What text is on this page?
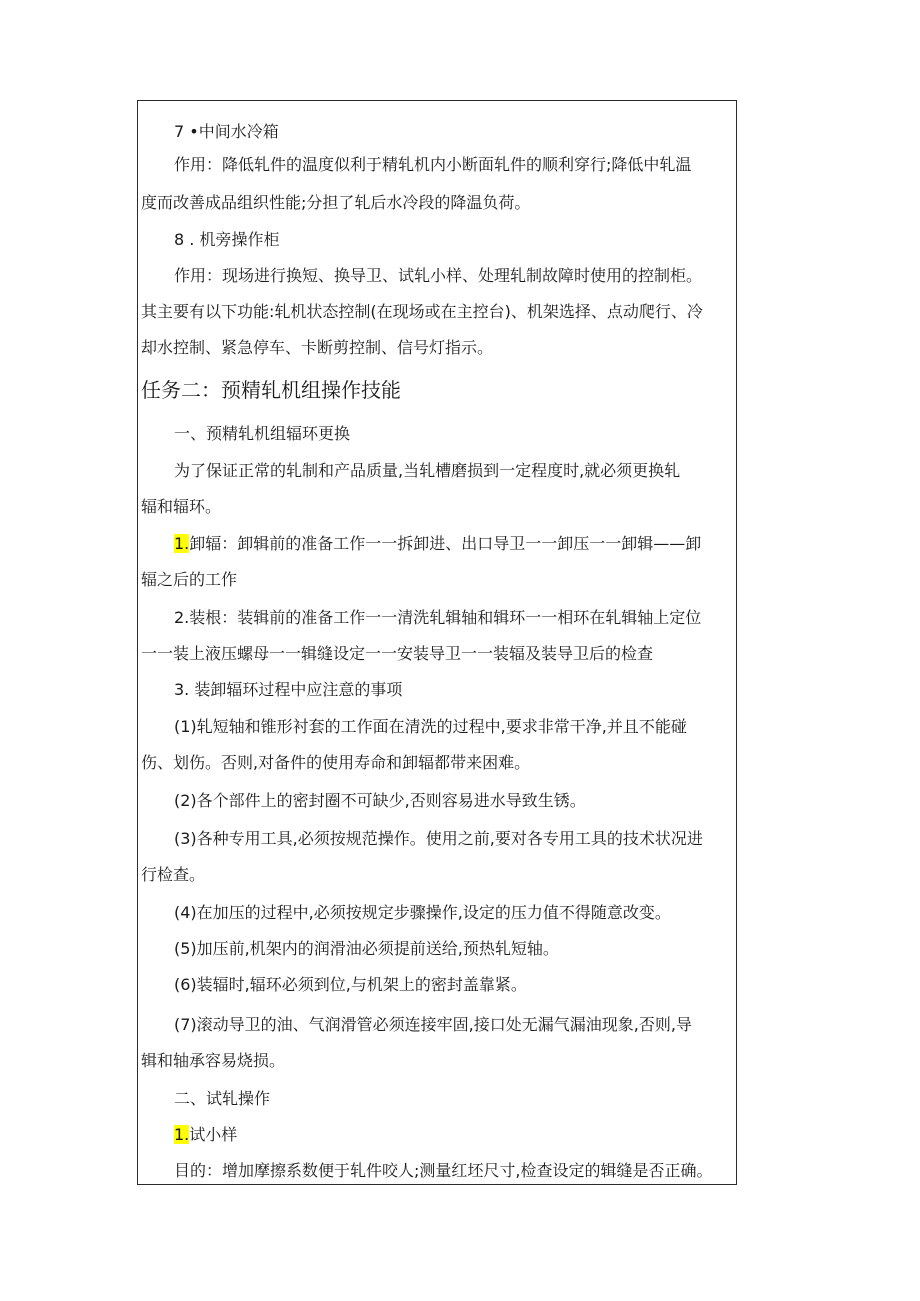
7 •中间水冷箱
作用：降低轧件的温度似利于精轧机内小断面轧件的顺利穿行;降低中轧温
度而改善成品组织性能;分担了轧后水冷段的降温负荷。
8 . 机旁操作柜
作用：现场进行换短、换导卫、试轧小样、处理轧制故障时使用的控制柜。
其主要有以下功能:轧机状态控制(在现场或在主控台)、机架选择、点动爬行、冷
却水控制、紧急停车、卡断剪控制、信号灯指示。
任务二：预精轧机组操作技能
一、预精轧机组辐环更换
为了保证正常的轧制和产品质量,当轧槽磨损到一定程度时,就必须更换轧
辐和辐环。
1.卸辐：卸辑前的准备工作一一拆卸进、出口导卫一一卸压一一卸辑——卸
辐之后的工作
2.装根：装辑前的准备工作一一清洗轧辑轴和辑环一一相环在轧辑轴上定位
一一装上液压螺母一一辑缝设定一一安装导卫一一装辐及装导卫后的检查
3. 装卸辐环过程中应注意的事项
(1)轧短轴和锥形衬套的工作面在清洗的过程中,要求非常干净,并且不能碰
伤、划伤。否则,对备件的使用寿命和卸辐都带来困难。
(2)各个部件上的密封圈不可缺少,否则容易进水导致生锈。
(3)各种专用工具,必须按规范操作。使用之前,要对各专用工具的技术状况进
行检查。
(4)在加压的过程中,必须按规定步骤操作,设定的压力值不得随意改变。
(5)加压前,机架内的润滑油必须提前送给,预热轧短轴。
(6)装辐时,辐环必须到位,与机架上的密封盖靠紧。
(7)滚动导卫的油、气润滑管必须连接牢固,接口处无漏气漏油现象,否则,导
辑和轴承容易烧损。
二、试轧操作
1.试小样
目的：增加摩擦系数便于轧件咬人;测量红坯尺寸,检查设定的辑缝是否正确。
